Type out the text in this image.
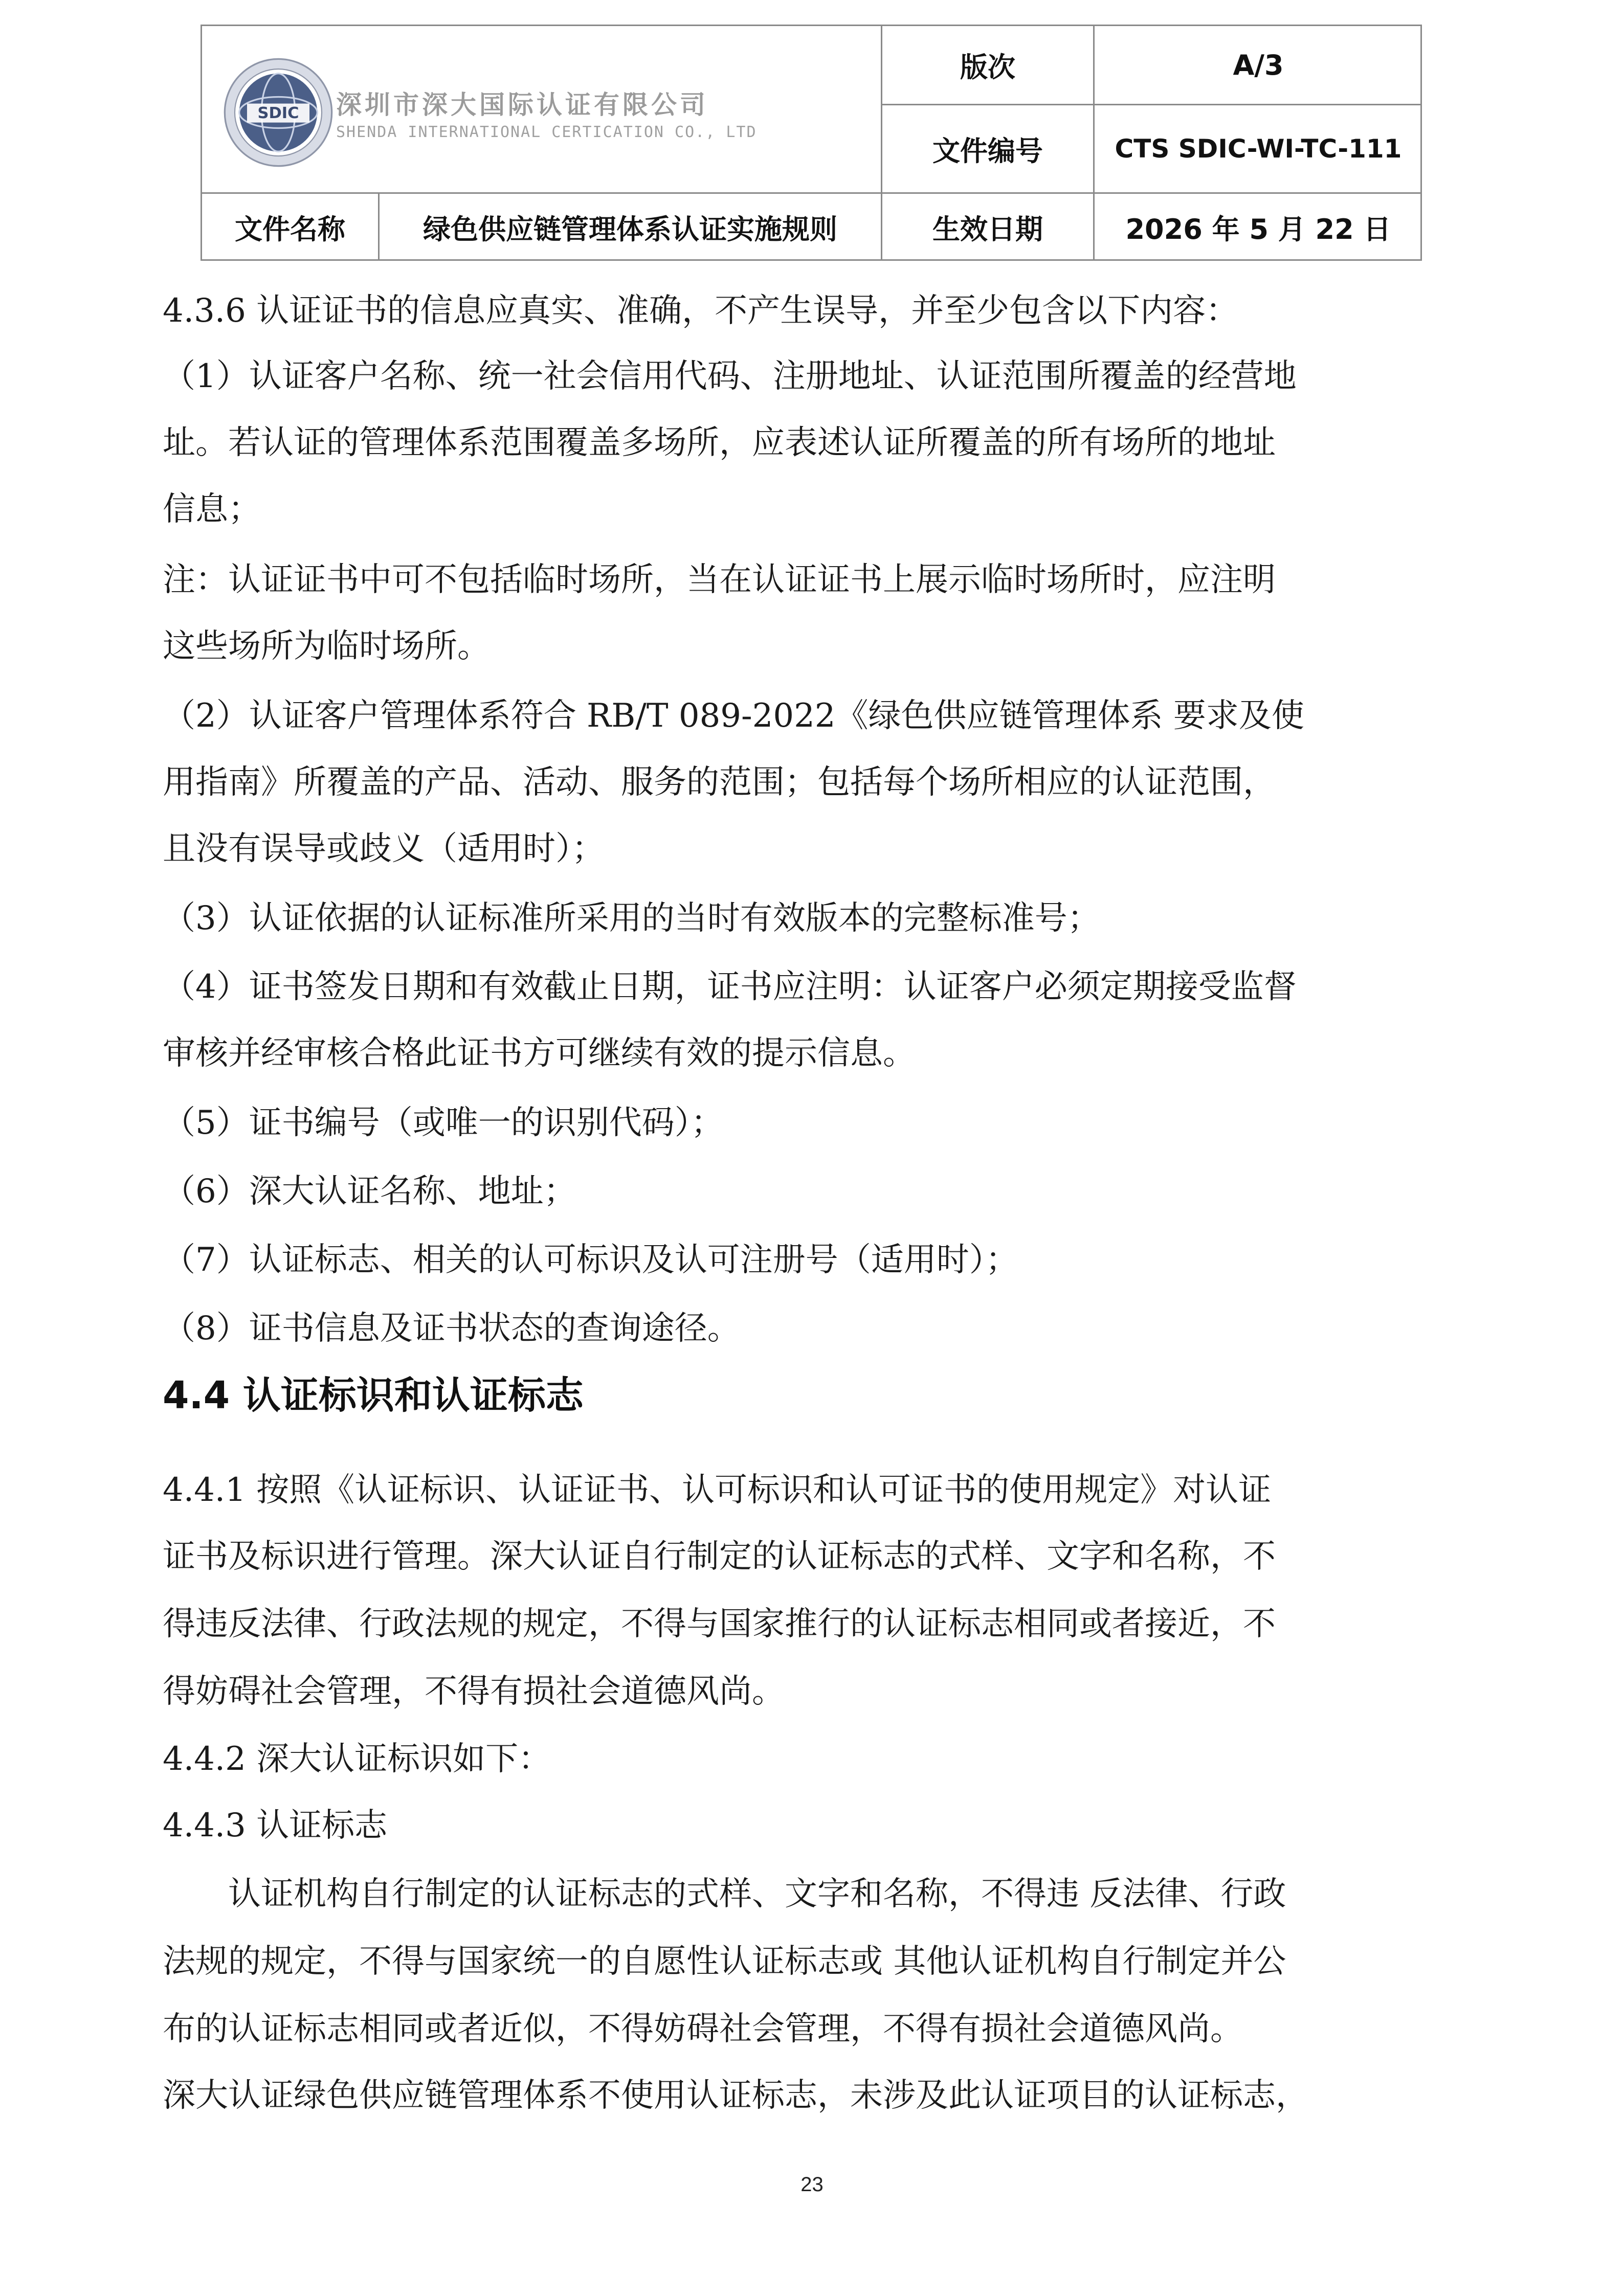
SDIC 深圳市深大国际认证有限公司
SHENDA INTERNATIONAL CERTICATION CO., LTD
版次	A/3
文件编号	CTS SDIC-WI-TC-111
文件名称	绿色供应链管理体系认证实施规则	生效日期	2026 年 5 月 22 日
4.3.6 认证证书的信息应真实、准确，不产生误导，并至少包含以下内容：
（1）认证客户名称、统一社会信用代码、注册地址、认证范围所覆盖的经营地
址。若认证的管理体系范围覆盖多场所，应表述认证所覆盖的所有场所的地址
信息；
注：认证证书中可不包括临时场所，当在认证证书上展示临时场所时，应注明
这些场所为临时场所。
（2）认证客户管理体系符合 RB/T 089-2022《绿色供应链管理体系 要求及使
用指南》所覆盖的产品、活动、服务的范围；包括每个场所相应的认证范围，
且没有误导或歧义（适用时）；
（3）认证依据的认证标准所采用的当时有效版本的完整标准号；
（4）证书签发日期和有效截止日期，证书应注明：认证客户必须定期接受监督
审核并经审核合格此证书方可继续有效的提示信息。
（5）证书编号（或唯一的识别代码）；
（6）深大认证名称、地址；
（7）认证标志、相关的认可标识及认可注册号（适用时）；
（8）证书信息及证书状态的查询途径。
4.4 认证标识和认证标志
4.4.1 按照《认证标识、认证证书、认可标识和认可证书的使用规定》对认证
证书及标识进行管理。深大认证自行制定的认证标志的式样、文字和名称，不
得违反法律、行政法规的规定，不得与国家推行的认证标志相同或者接近，不
得妨碍社会管理，不得有损社会道德风尚。
4.4.2 深大认证标识如下：
4.4.3 认证标志
　　认证机构自行制定的认证标志的式样、文字和名称，不得违 反法律、行政
法规的规定，不得与国家统一的自愿性认证标志或 其他认证机构自行制定并公
布的认证标志相同或者近似，不得妨碍社会管理，不得有损社会道德风尚。
深大认证绿色供应链管理体系不使用认证标志，未涉及此认证项目的认证标志，
23
